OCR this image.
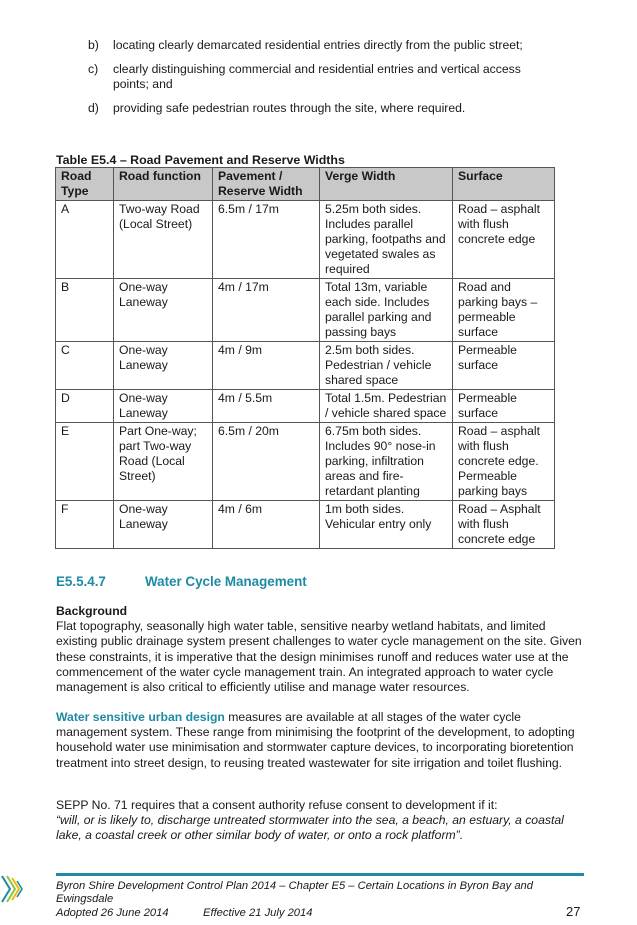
b)	locating clearly demarcated residential entries directly from the public street;
c)	clearly distinguishing commercial and residential entries and vertical access points; and
d)	providing safe pedestrian routes through the site, where required.
Table E5.4 – Road Pavement and Reserve Widths
Road Type	Road function	Pavement / Reserve Width	Verge Width	Surface
A	Two-way Road (Local Street)	6.5m / 17m	5.25m both sides. Includes parallel parking, footpaths and vegetated swales as required	Road – asphalt with flush concrete edge
B	One-way Laneway	4m / 17m	Total 13m, variable each side. Includes parallel parking and passing bays	Road and parking bays – permeable surface
C	One-way Laneway	4m / 9m	2.5m both sides. Pedestrian / vehicle shared space	Permeable surface
D	One-way Laneway	4m / 5.5m	Total 1.5m. Pedestrian / vehicle shared space	Permeable surface
E	Part One-way; part Two-way Road (Local Street)	6.5m / 20m	6.75m both sides. Includes 90° nose-in parking, infiltration areas and fire-retardant planting	Road – asphalt with flush concrete edge. Permeable parking bays
F	One-way Laneway	4m / 6m	1m both sides. Vehicular entry only	Road – Asphalt with flush concrete edge
E5.5.4.7	Water Cycle Management
Background
Flat topography, seasonally high water table, sensitive nearby wetland habitats, and limited existing public drainage system present challenges to water cycle management on the site. Given these constraints, it is imperative that the design minimises runoff and reduces water use at the commencement of the water cycle management train. An integrated approach to water cycle management is also critical to efficiently utilise and manage water resources.
Water sensitive urban design measures are available at all stages of the water cycle management system. These range from minimising the footprint of the development, to adopting household water use minimisation and stormwater capture devices, to incorporating bioretention treatment into street design, to reusing treated wastewater for site irrigation and toilet flushing.
SEPP No. 71 requires that a consent authority refuse consent to development if it:
“will, or is likely to, discharge untreated stormwater into the sea, a beach, an estuary, a coastal lake, a coastal creek or other similar body of water, or onto a rock platform”.
Byron Shire Development Control Plan 2014 – Chapter E5 – Certain Locations in Byron Bay and Ewingsdale
Adopted 26 June 2014	Effective 21 July 2014	27
